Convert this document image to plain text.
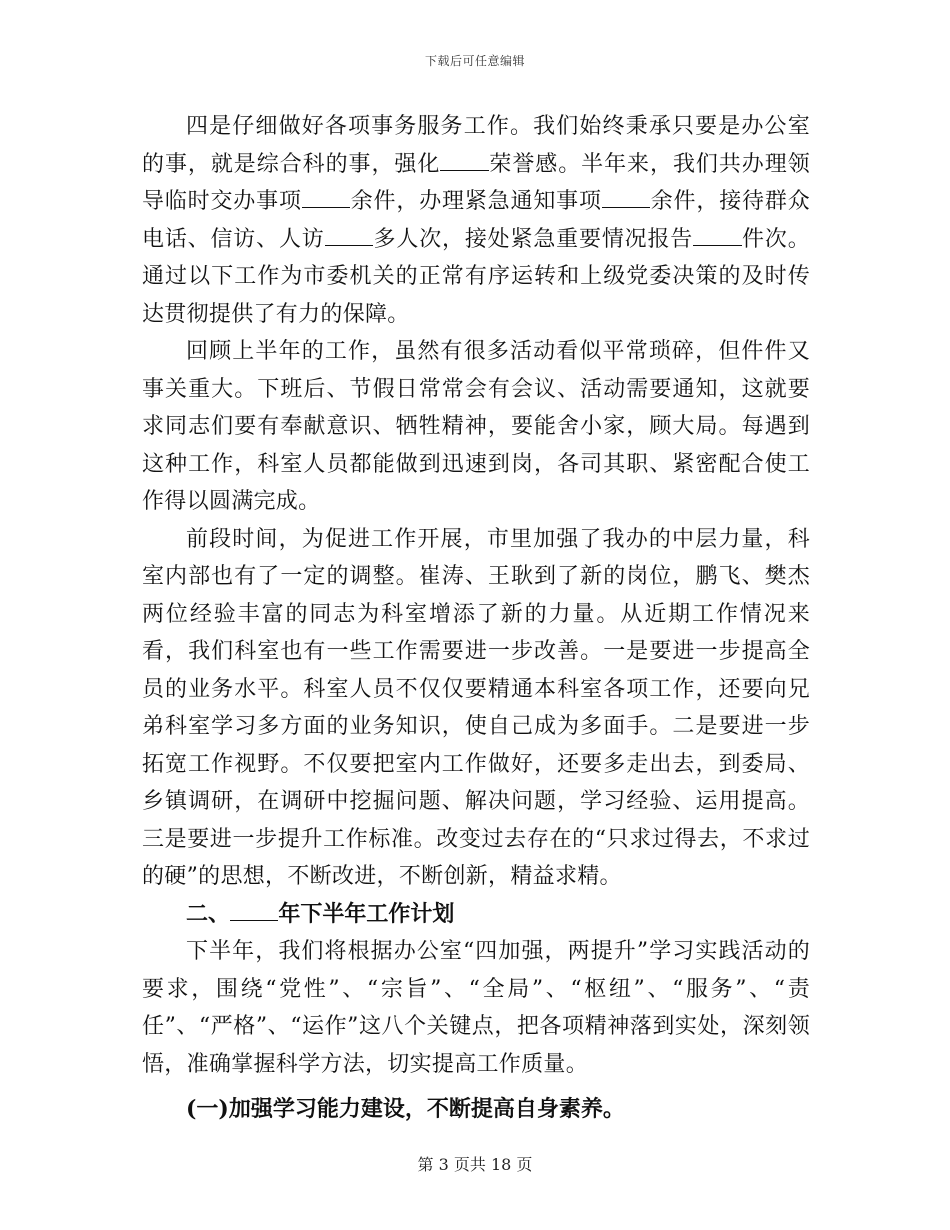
下载后可任意编辑

四是仔细做好各项事务服务工作。我们始终秉承只要是办公室的事，就是综合科的事，强化 荣誉感。半年来，我们共办理领导临时交办事项 余件，办理紧急通知事项 余件，接待群众电话、信访、人访 多人次，接处紧急重要情况报告 件次。通过以下工作为市委机关的正常有序运转和上级党委决策的及时传达贯彻提供了有力的保障。

回顾上半年的工作，虽然有很多活动看似平常琐碎，但件件又事关重大。下班后、节假日常常会有会议、活动需要通知，这就要求同志们要有奉献意识、牺牲精神，要能舍小家，顾大局。每遇到这种工作，科室人员都能做到迅速到岗，各司其职、紧密配合使工作得以圆满完成。

前段时间，为促进工作开展，市里加强了我办的中层力量，科室内部也有了一定的调整。崔涛、王耿到了新的岗位，鹏飞、樊杰两位经验丰富的同志为科室增添了新的力量。从近期工作情况来看，我们科室也有一些工作需要进一步改善。一是要进一步提高全员的业务水平。科室人员不仅仅要精通本科室各项工作，还要向兄弟科室学习多方面的业务知识，使自己成为多面手。二是要进一步拓宽工作视野。不仅要把室内工作做好，还要多走出去，到委局、乡镇调研，在调研中挖掘问题、解决问题，学习经验、运用提高。三是要进一步提升工作标准。改变过去存在的“只求过得去，不求过的硬”的思想，不断改进，不断创新，精益求精。

二、 年下半年工作计划

下半年，我们将根据办公室“四加强，两提升”学习实践活动的要求，围绕“党性”、“宗旨”、“全局”、“枢纽”、“服务”、“责任”、“严格”、“运作”这八个关键点，把各项精神落到实处，深刻领悟，准确掌握科学方法，切实提高工作质量。

(一)加强学习能力建设，不断提高自身素养。

第 3 页共 18 页
